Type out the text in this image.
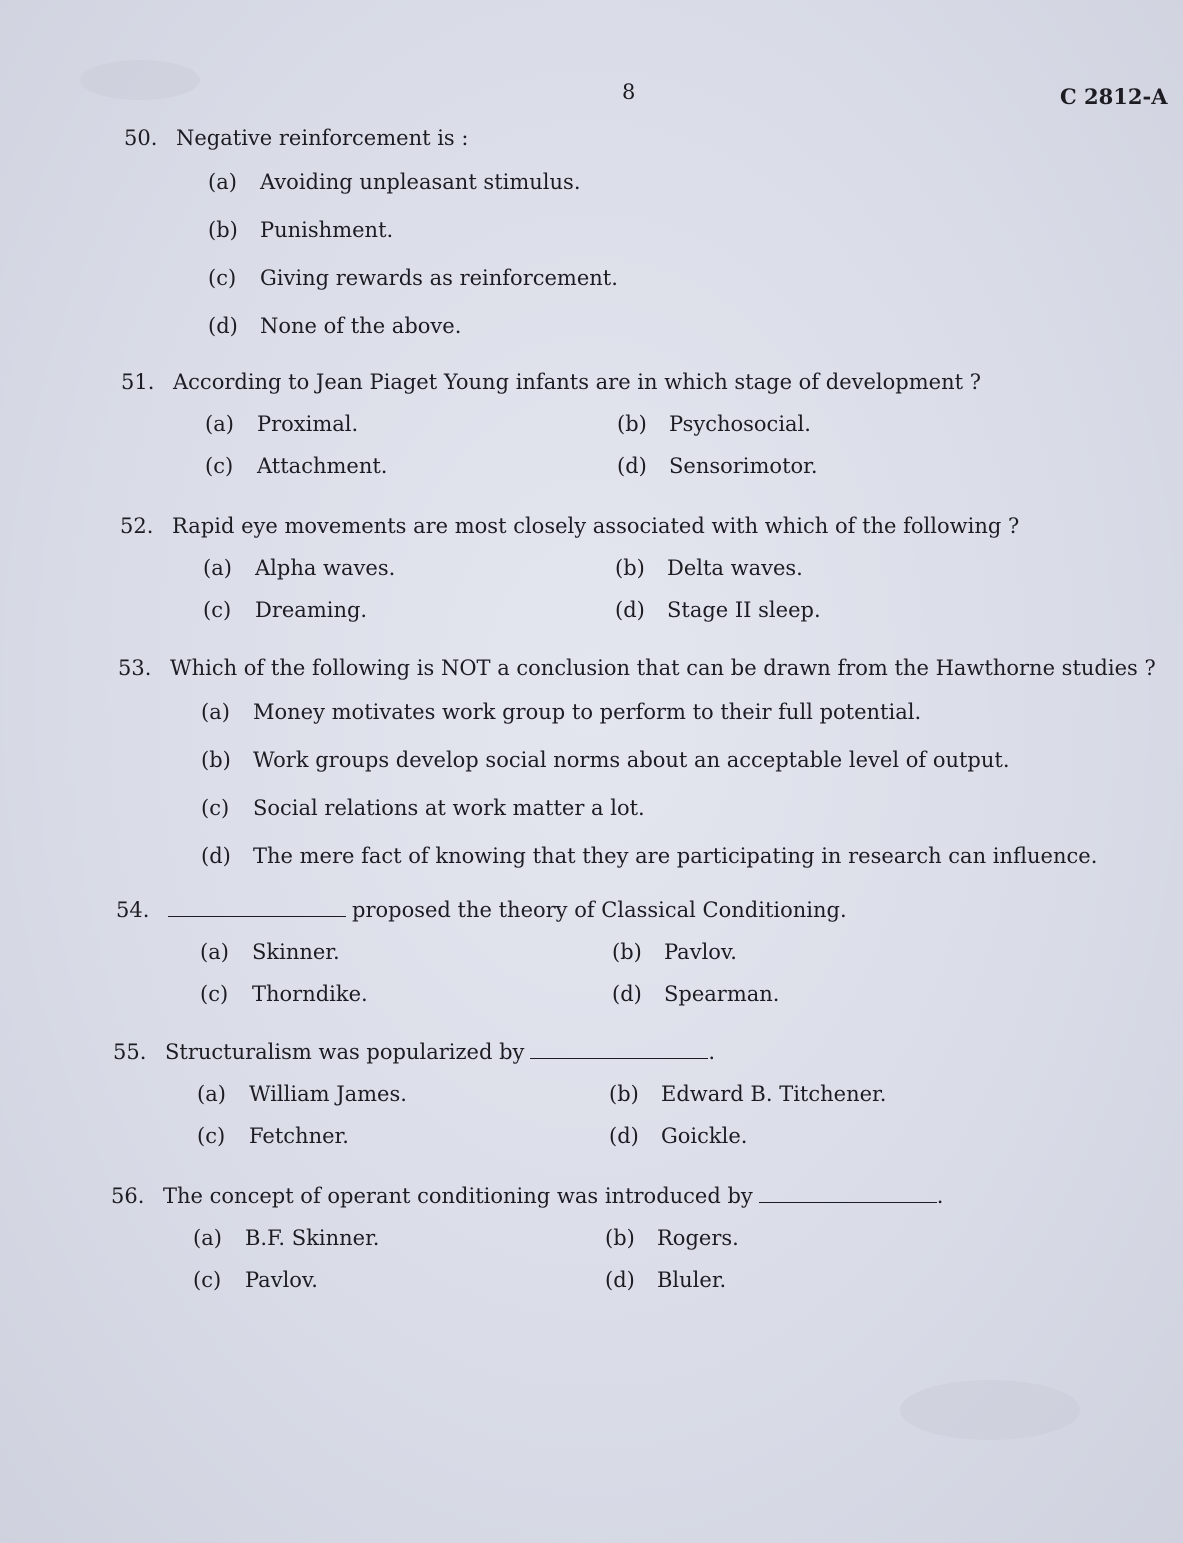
8	C 2812-A
50. Negative reinforcement is :
(a)	Avoiding unpleasant stimulus.
(b)	Punishment.
(c)	Giving rewards as reinforcement.
(d)	None of the above.
51. According to Jean Piaget Young infants are in which stage of development ?
(a)	Proximal.	(b)	Psychosocial.
(c)	Attachment.	(d)	Sensorimotor.
52. Rapid eye movements are most closely associated with which of the following ?
(a)	Alpha waves.	(b)	Delta waves.
(c)	Dreaming.	(d)	Stage II sleep.
53. Which of the following is NOT a conclusion that can be drawn from the Hawthorne studies ?
(a)	Money motivates work group to perform to their full potential.
(b)	Work groups develop social norms about an acceptable level of output.
(c)	Social relations at work matter a lot.
(d)	The mere fact of knowing that they are participating in research can influence.
54.	proposed the theory of Classical Conditioning.
(a)	Skinner.	(b)	Pavlov.
(c)	Thorndike.	(d)	Spearman.
55. Structuralism was popularized by	.
(a)	William James.	(b)	Edward B. Titchener.
(c)	Fetchner.	(d)	Goickle.
56. The concept of operant conditioning was introduced by	.
(a)	B.F. Skinner.	(b)	Rogers.
(c)	Pavlov.	(d)	Bluler.
